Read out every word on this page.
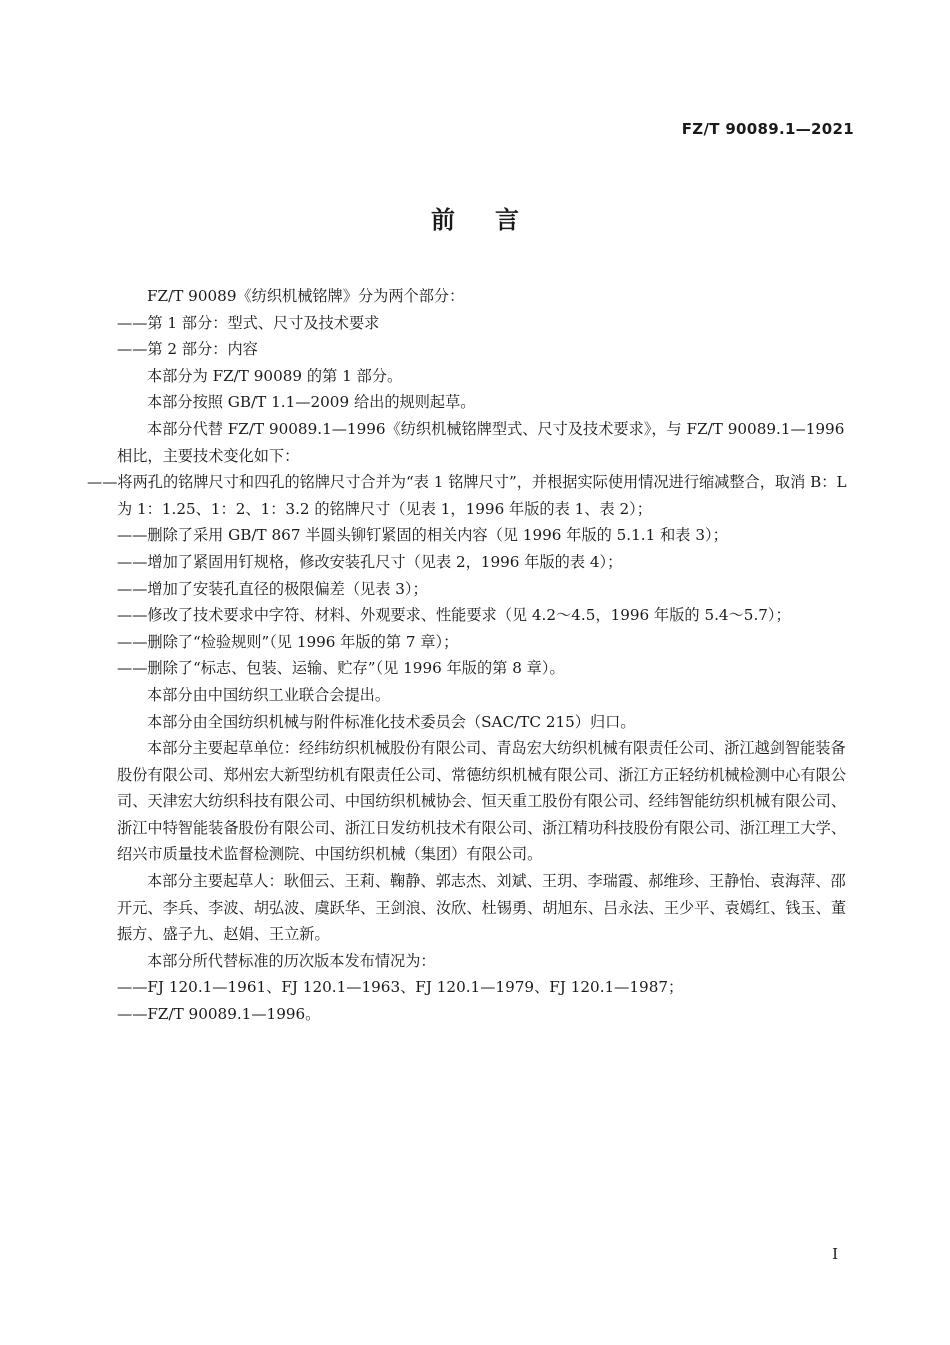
FZ/T 90089.1—2021
前言

FZ/T 90089《纺织机械铭牌》分为两个部分：

——第 1 部分：型式、尺寸及技术要求

——第 2 部分：内容

本部分为 FZ/T 90089 的第 1 部分。

本部分按照 GB/T 1.1—2009 给出的规则起草。

本部分代替 FZ/T 90089.1—1996《纺织机械铭牌型式、尺寸及技术要求》，与 FZ/T 90089.1—1996 相比，主要技术变化如下：

——将两孔的铭牌尺寸和四孔的铭牌尺寸合并为“表 1 铭牌尺寸”，并根据实际使用情况进行缩减整合，取消 B：L 为 1：1.25、1：2、1：3.2 的铭牌尺寸（见表 1，1996 年版的表 1、表 2）；

——删除了采用 GB/T 867 半圆头铆钉紧固的相关内容（见 1996 年版的 5.1.1 和表 3）；

——增加了紧固用钉规格，修改安装孔尺寸（见表 2，1996 年版的表 4）；

——增加了安装孔直径的极限偏差（见表 3）；

——修改了技术要求中字符、材料、外观要求、性能要求（见 4.2～4.5，1996 年版的 5.4～5.7）；

——删除了“检验规则”（见 1996 年版的第 7 章）；

——删除了“标志、包装、运输、贮存”（见 1996 年版的第 8 章）。

本部分由中国纺织工业联合会提出。

本部分由全国纺织机械与附件标准化技术委员会（SAC/TC 215）归口。

本部分主要起草单位：经纬纺织机械股份有限公司、青岛宏大纺织机械有限责任公司、浙江越剑智能装备股份有限公司、郑州宏大新型纺机有限责任公司、常德纺织机械有限公司、浙江方正轻纺机械检测中心有限公司、天津宏大纺织科技有限公司、中国纺织机械协会、恒天重工股份有限公司、经纬智能纺织机械有限公司、浙江中特智能装备股份有限公司、浙江日发纺机技术有限公司、浙江精功科技股份有限公司、浙江理工大学、绍兴市质量技术监督检测院、中国纺织机械（集团）有限公司。

本部分主要起草人：耿佃云、王莉、鞠静、郭志杰、刘斌、王玥、李瑞霞、郝维珍、王静怡、袁海萍、邵开元、李兵、李波、胡弘波、虞跃华、王剑浪、汝欣、杜锡勇、胡旭东、吕永法、王少平、袁嫣红、钱玉、董振方、盛子九、赵娟、王立新。

本部分所代替标准的历次版本发布情况为：

——FJ 120.1—1961、FJ 120.1—1963、FJ 120.1—1979、FJ 120.1—1987；

——FZ/T 90089.1—1996。

I
